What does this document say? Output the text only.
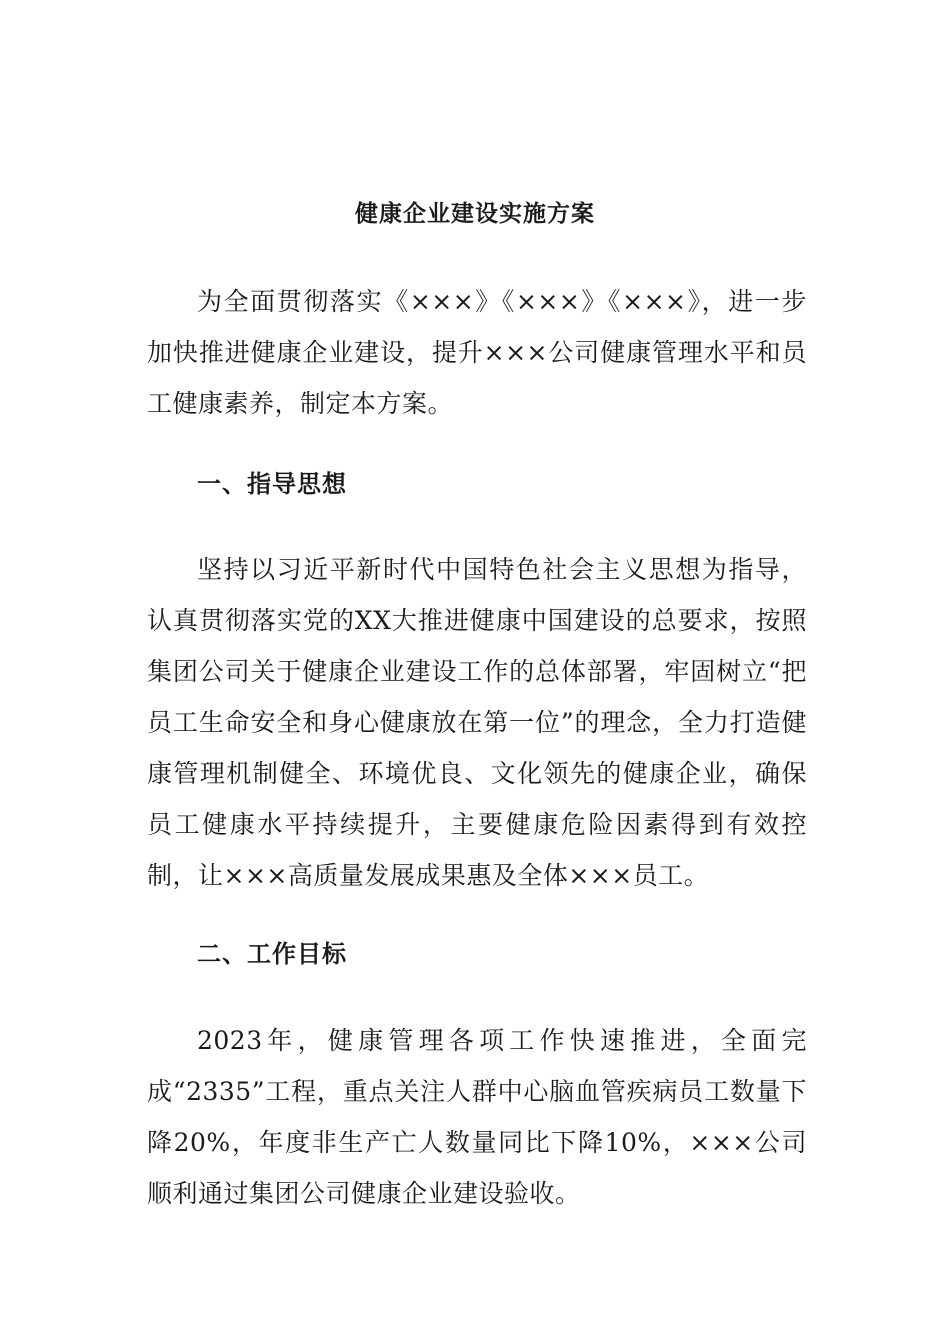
健康企业建设实施方案

为全面贯彻落实《×××》《×××》《×××》，进一步加快推进健康企业建设，提升×××公司健康管理水平和员工健康素养，制定本方案。

一、指导思想

坚持以习近平新时代中国特色社会主义思想为指导，认真贯彻落实党的XX大推进健康中国建设的总要求，按照集团公司关于健康企业建设工作的总体部署，牢固树立“把员工生命安全和身心健康放在第一位”的理念，全力打造健康管理机制健全、环境优良、文化领先的健康企业，确保员工健康水平持续提升，主要健康危险因素得到有效控制，让×××高质量发展成果惠及全体×××员工。

二、工作目标

2023年，健康管理各项工作快速推进，全面完成“2335”工程，重点关注人群中心脑血管疾病员工数量下降20%，年度非生产亡人数量同比下降10%，×××公司顺利通过集团公司健康企业建设验收。
